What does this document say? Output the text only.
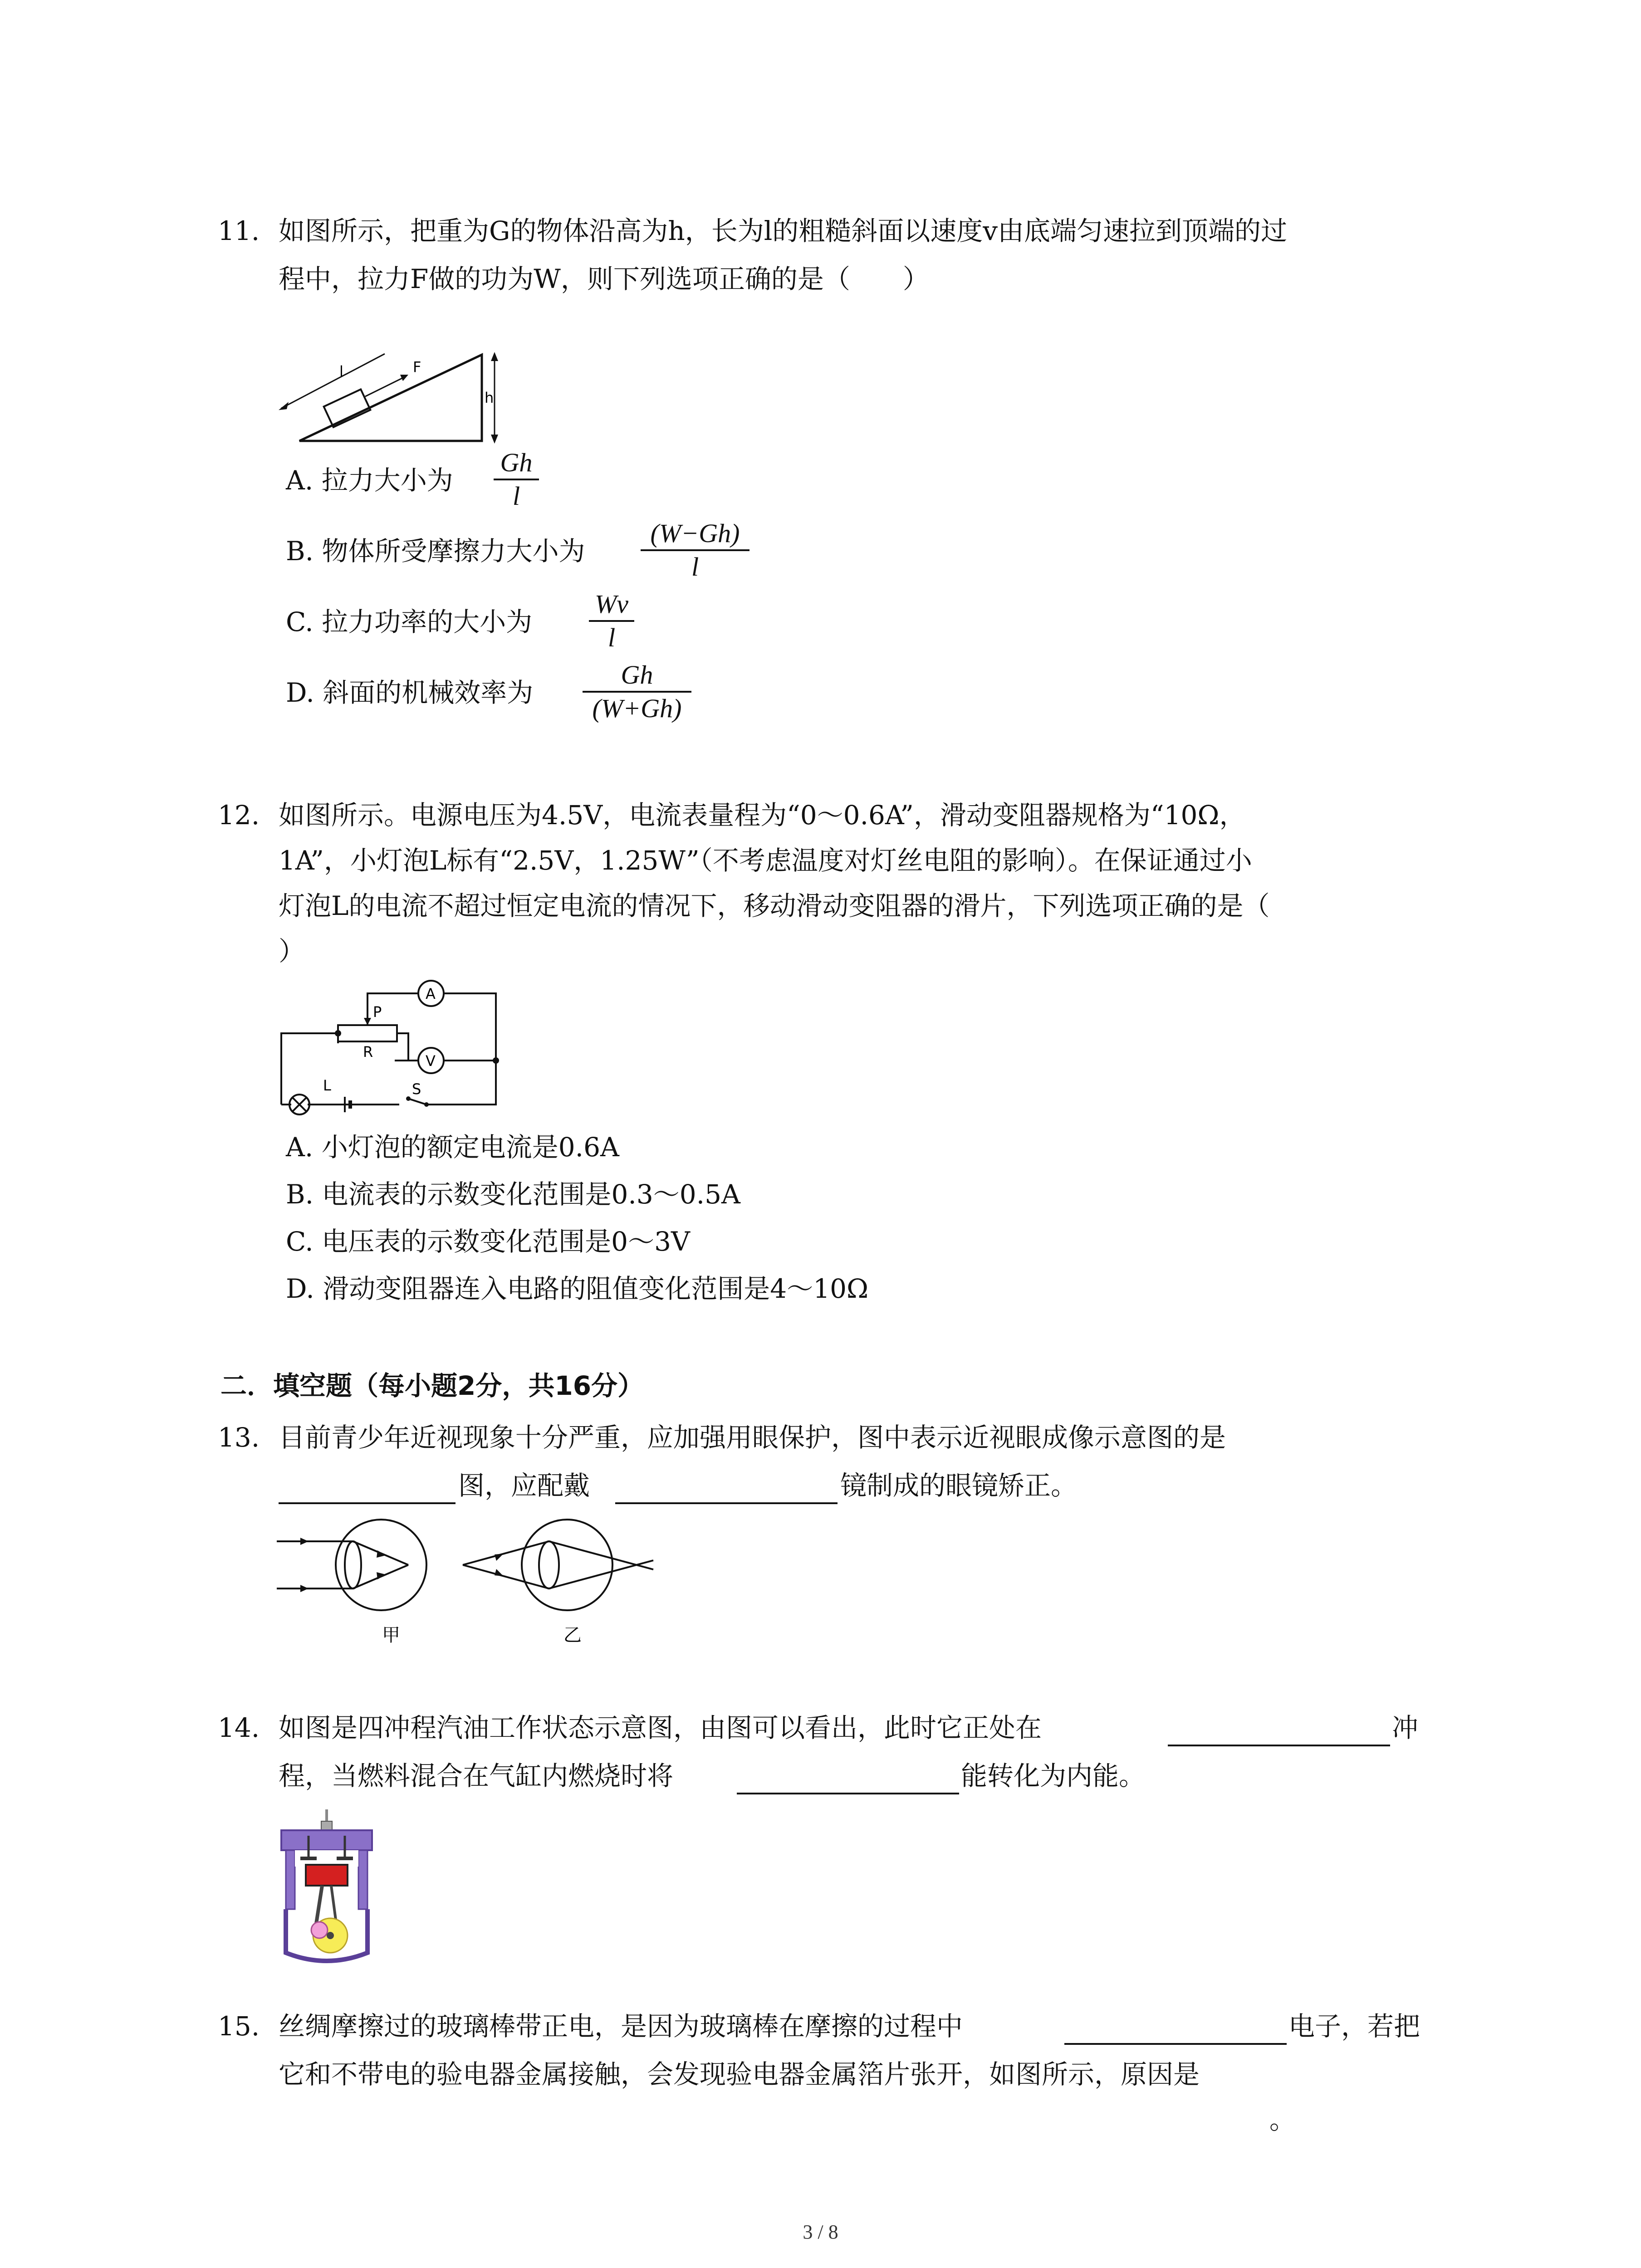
11. 如图所示，把重为G的物体沿高为h，长为l的粗糙斜面以速度v由底端匀速拉到顶端的过
程中，拉力F做的功为W，则下列选项正确的是（　　）
l	F
h
A. 拉力大小为
Gh
l
B. 物体所受摩擦力大小为
(W−Gh)
l
C. 拉力功率的大小为
Wv
l
D. 斜面的机械效率为
Gh
(W+Gh)
12. 如图所示。电源电压为4.5V，电流表量程为“0～0.6A”，滑动变阻器规格为“10Ω，
1A”，小灯泡L标有“2.5V，1.25W”（不考虑温度对灯丝电阻的影响）。在保证通过小
灯泡L的电流不超过恒定电流的情况下，移动滑动变阻器的滑片，下列选项正确的是（
）
A
P
R
V
L	S
A. 小灯泡的额定电流是0.6A
B. 电流表的示数变化范围是0.3～0.5A
C. 电压表的示数变化范围是0～3V
D. 滑动变阻器连入电路的阻值变化范围是4～10Ω
二．填空题（每小题2分，共16分）
13. 目前青少年近视现象十分严重，应加强用眼保护，图中表示近视眼成像示意图的是
图，应配戴	镜制成的眼镜矫正。
甲	乙
14. 如图是四冲程汽油工作状态示意图，由图可以看出，此时它正处在	冲
程，当燃料混合在气缸内燃烧时将	能转化为内能。
15. 丝绸摩擦过的玻璃棒带正电，是因为玻璃棒在摩擦的过程中	电子，若把
它和不带电的验电器金属接触，会发现验电器金属箔片张开，如图所示，原因是
。
3 / 8
